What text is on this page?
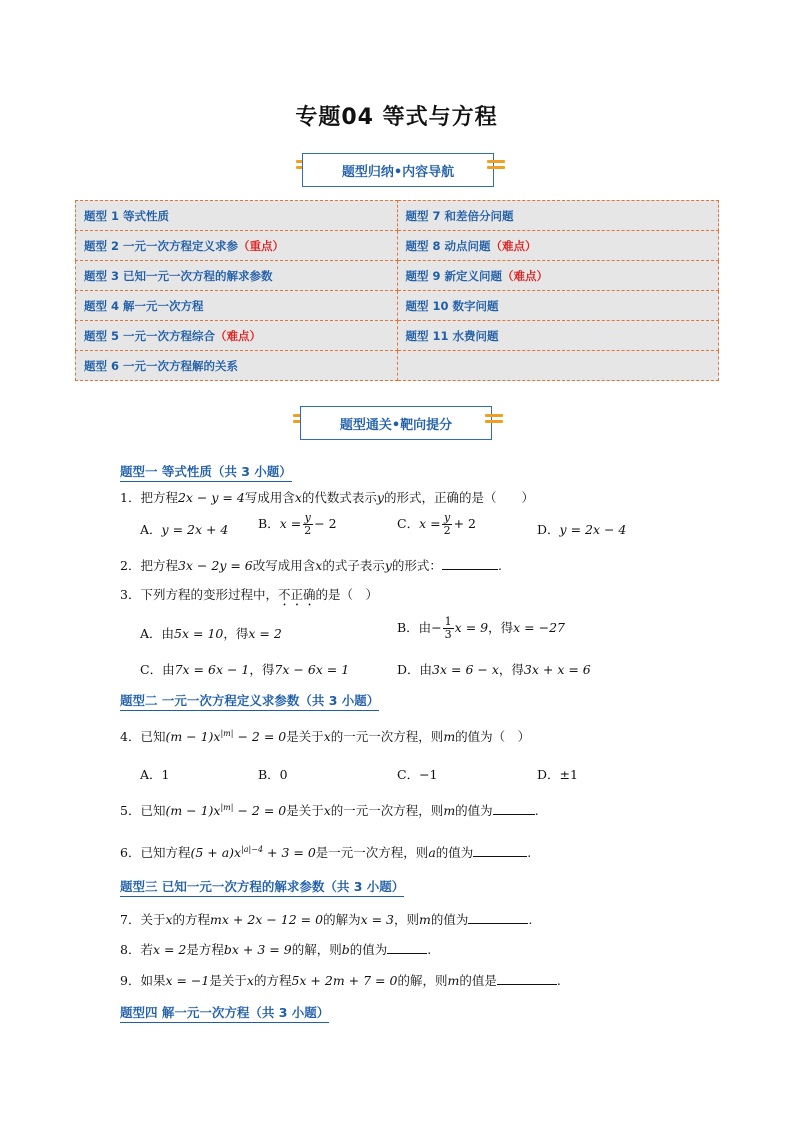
专题04 等式与方程
题型归纳•内容导航
题型 1 等式性质	题型 7 和差倍分问题
题型 2 一元一次方程定义求参（重点）	题型 8 动点问题（难点）
题型 3 已知一元一次方程的解求参数	题型 9 新定义问题（难点）
题型 4 解一元一次方程	题型 10 数字问题
题型 5 一元一次方程综合（难点）	题型 11 水费问题
题型 6 一元一次方程解的关系	
题型通关•靶向提分
题型一 等式性质（共 3 小题）
1．把方程2x − y = 4写成用含x的代数式表示y的形式，正确的是（　　）
A．y = 2x + 4 B．$x = \frac{y}{2} - 2$	C．$x = \frac{y}{2} + 2$	D．y = 2x − 4
2．把方程3x − 2y = 6改写成用含x的式子表示y的形式：	.
3．下列方程的变形过程中，不正确的是（　）
A．由5x = 10，得x = 2	B．由− $\frac{1}{3}$ x = 9，得x = −27
C．由7x = 6x − 1，得7x − 6x = 1	D．由3x = 6 − x，得3x + x = 6
题型二 一元一次方程定义求参数（共 3 小题）
4．已知$(m - 1)x^{|m|} - 2 = 0$是关于x的一元一次方程，则m的值为（　）
A．1	B．0	C．−1	D．±1
5．已知$(m - 1)x^{|m|} - 2 = 0$是关于x的一元一次方程，则m的值为	.
6．已知方程$(5 + a)x^{|a|-4} + 3 = 0$是一元一次方程，则a的值为	.
题型三 已知一元一次方程的解求参数（共 3 小题）
7．关于x的方程mx + 2x − 12 = 0的解为x = 3，则m的值为	.
8．若x = 2是方程bx + 3 = 9的解，则b的值为	.
9．如果x = −1是关于x的方程5x + 2m + 7 = 0的解，则m的值是	.
题型四 解一元一次方程（共 3 小题）
